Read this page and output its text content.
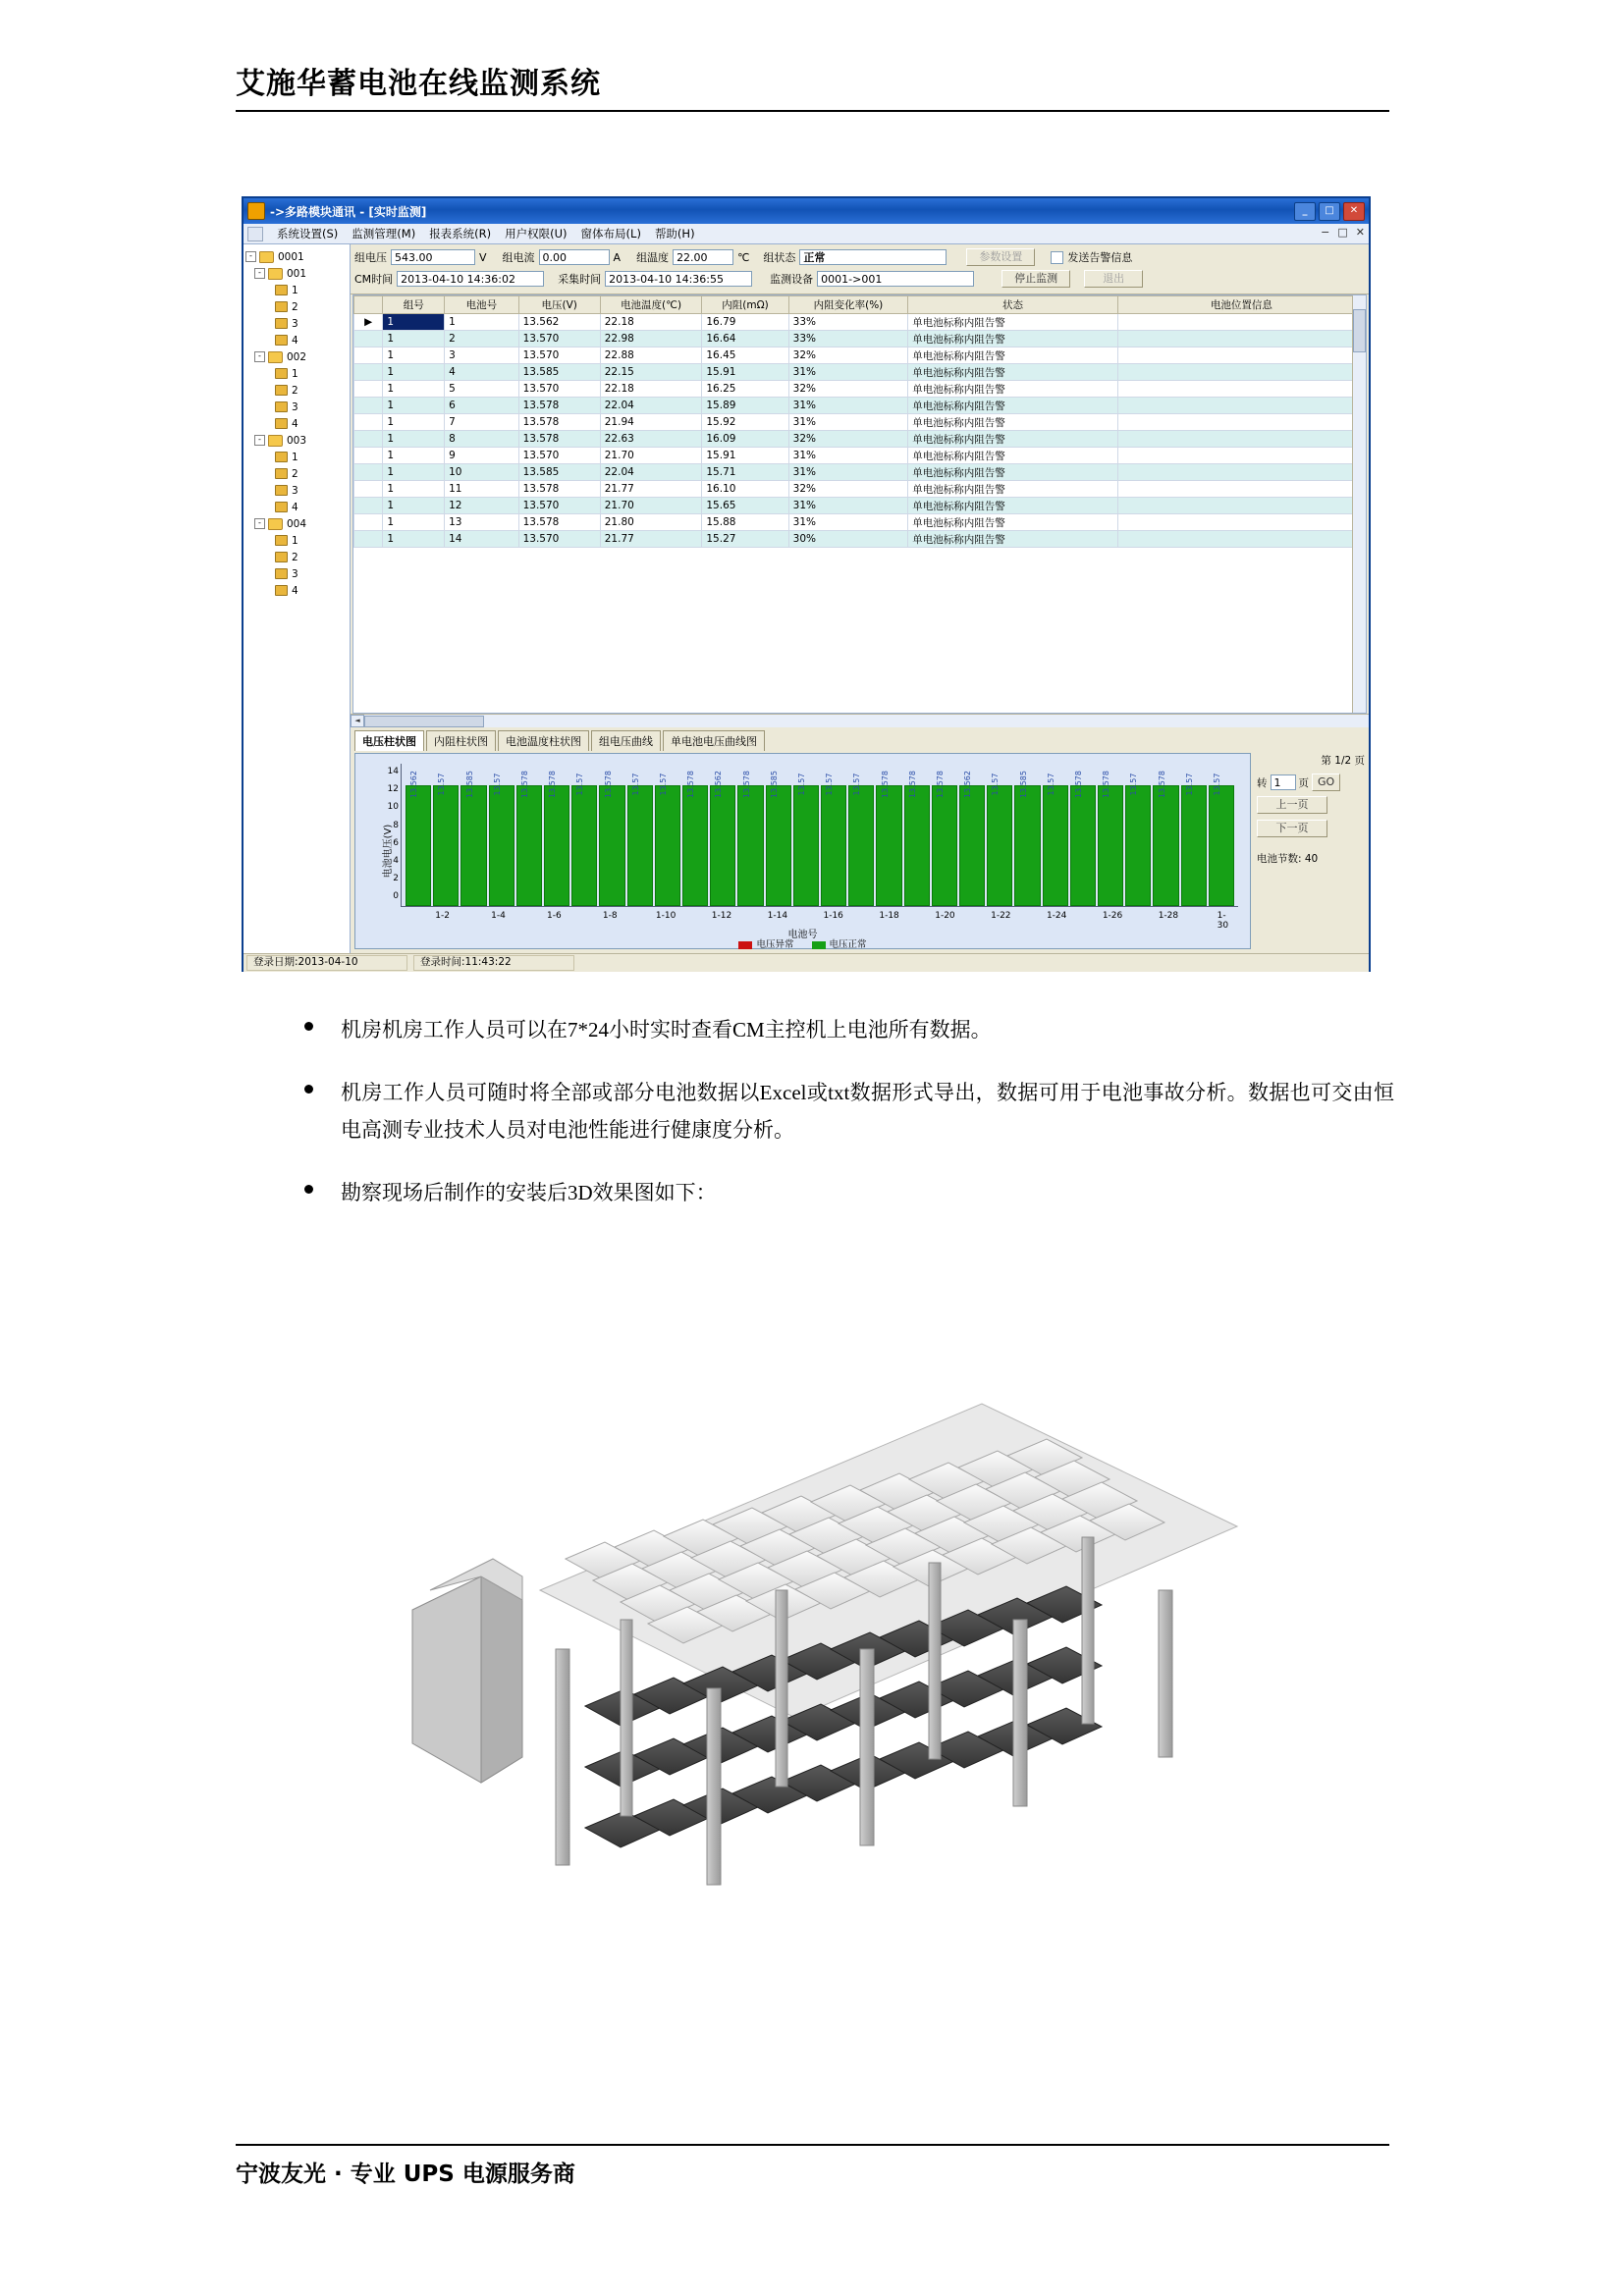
艾施华蓄电池在线监测系统
->多路模块通讯 - [实时监测]	_	□	✕
系统设置(S) 监测管理(M) 报表系统(R) 用户权限(U) 窗体布局(L) 帮助(H)	− □ ✕
-	0001
-	001
1
2
3
4
-	002
1
2
3
4
-	003
1
2
3
4
-	004
1
2
3
4
组电压 543.00	V 组电流 0.00	A 组温度 22.00	℃ 组状态 正常	参数设置	发送告警信息
CM时间 2013-04-10 14:36:02	采集时间 2013-04-10 14:36:55	监测设备 0001->001	停止监测	退出
	组号	电池号	电压(V)	电池温度(℃)	内阻(mΩ)	内阻变化率(%)	状态	电池位置信息
▶	1	1	13.562	22.18	16.79	33%	单电池标称内阻告警	
	1	2	13.570	22.98	16.64	33%	单电池标称内阻告警	
	1	3	13.570	22.88	16.45	32%	单电池标称内阻告警	
	1	4	13.585	22.15	15.91	31%	单电池标称内阻告警	
	1	5	13.570	22.18	16.25	32%	单电池标称内阻告警	
	1	6	13.578	22.04	15.89	31%	单电池标称内阻告警	
	1	7	13.578	21.94	15.92	31%	单电池标称内阻告警	
	1	8	13.578	22.63	16.09	32%	单电池标称内阻告警	
	1	9	13.570	21.70	15.91	31%	单电池标称内阻告警	
	1	10	13.585	22.04	15.71	31%	单电池标称内阻告警	
	1	11	13.578	21.77	16.10	32%	单电池标称内阻告警	
	1	12	13.570	21.70	15.65	31%	单电池标称内阻告警	
	1	13	13.578	21.80	15.88	31%	单电池标称内阻告警	
	1	14	13.570	21.77	15.27	30%	单电池标称内阻告警	
◄
电压柱状图	内阻柱状图	电池温度柱状图	组电压曲线	单电池电压曲线图
电池电压(V)
0
2
4
6
8
10
12
14	13.562 13.57 13.585 13.57 13.578 13.578 13.57 13.578 13.57 13.57 13.578 13.562 13.578 13.585 13.57 13.57 13.57 13.578 13.578 13.578 13.562 13.57 13.585 13.57 13.578 13.578 13.57 13.578 13.57 13.57
1-2	1-4	1-6	1-8	1-10	1-12	1-14	1-16	1-18	1-20	1-22	1-24	1-26	1-28	1-30
电池号
电压异常	电压正常
第 1/2 页
转 1	页 GO
上一页
下一页
电池节数: 40
登录日期:2013-04-10	登录时间:11:43:22
机房机房工作人员可以在7*24小时实时查看CM主控机上电池所有数据。
机房工作人员可随时将全部或部分电池数据以Excel或txt数据形式导出，数据可用于电池事故分析。数据也可交由恒电高测专业技术人员对电池性能进行健康度分析。
勘察现场后制作的安装后3D效果图如下：
宁波友光 · 专业 UPS 电源服务商
